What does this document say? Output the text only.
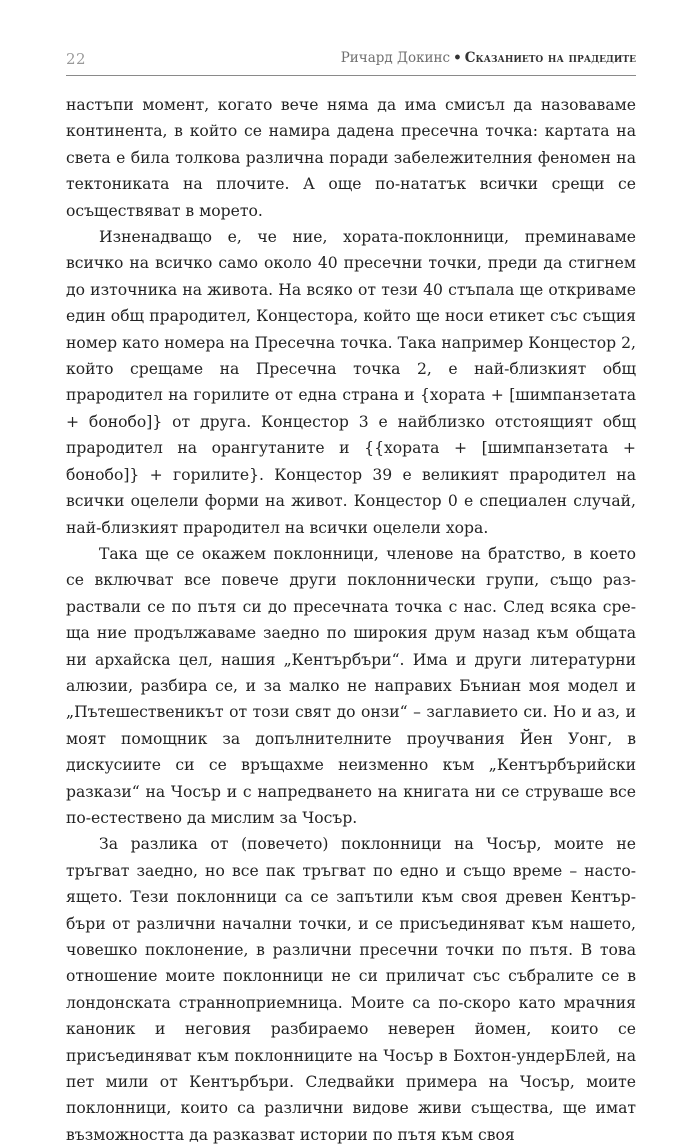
22	Ричард Докинс • Сказанието на прадедите

настъпи момент, когато вече няма да има смисъл да назоваваме континента, в който се намира дадена пресечна точка: картата на света е била толкова различна поради забележителния феномен на тектониката на плочите. А още по-нататък всички срещи се осъществяват в морето.

Изненадващо е, че ние, хората-поклонници, преминаваме всичко на всичко само около 40 пресечни точки, преди да стигнем до източника на живота. На всяко от тези 40 стъпала ще откриваме един общ прародител, Концестора, който ще носи етикет със същия номер като номера на Пресечна точка. Така например Концестор 2, който срещаме на Пресечна точка 2, е най-близкият общ прародител на горилите от една страна и {хората + [шимпанзетата + бонобо]} от друга. Концестор 3 е найблизко отстоящият общ прародител на орангутаните и {{хората + [шимпанзетата + бонобо]} + горилите}. Концестор 39 е великият прародител на всички оцелели форми на живот. Концестор 0 е специален случай, най-близкият прародител на всички оцелели хора.

Така ще се окажем поклонници, членове на братство, в което се включват все повече други поклоннически групи, също разраствали се по пътя си до пресечната точка с нас. След всяка среща ние продължаваме заедно по широкия друм назад към общата ни архайска цел, нашия „Кентърбъри“. Има и други литературни алюзии, разбира се, и за малко не направих Бъниан моя модел и „Пътешественикът от този свят до онзи“ – заглавието си. Но и аз, и моят помощник за допълнителните проучвания Йен Уонг, в дискусиите си се връщахме неизменно към „Кентърбърийски разкази“ на Чосър и с напредването на книгата ни се струваше все по-естествено да мислим за Чосър.

За разлика от (повечето) поклонници на Чосър, моите не тръгват заедно, но все пак тръгват по едно и също време – настоящето. Тези поклонници са се запътили към своя древен Кентърбъри от различни начални точки, и се присъединяват към нашето, човешко поклонение, в различни пресечни точки по пътя. В това отношение моите поклонници не си приличат със събралите се в лондонската странноприемница. Моите са по-скоро като мрачния каноник и неговия разбираемо неверен йомен, които се присъединяват към поклонниците на Чосър в Бохтон-ундерБлей, на пет мили от Кентърбъри. Следвайки примера на Чосър, моите поклонници, които са различни видове живи същества, ще имат възможността да разказват истории по пътя към своя
